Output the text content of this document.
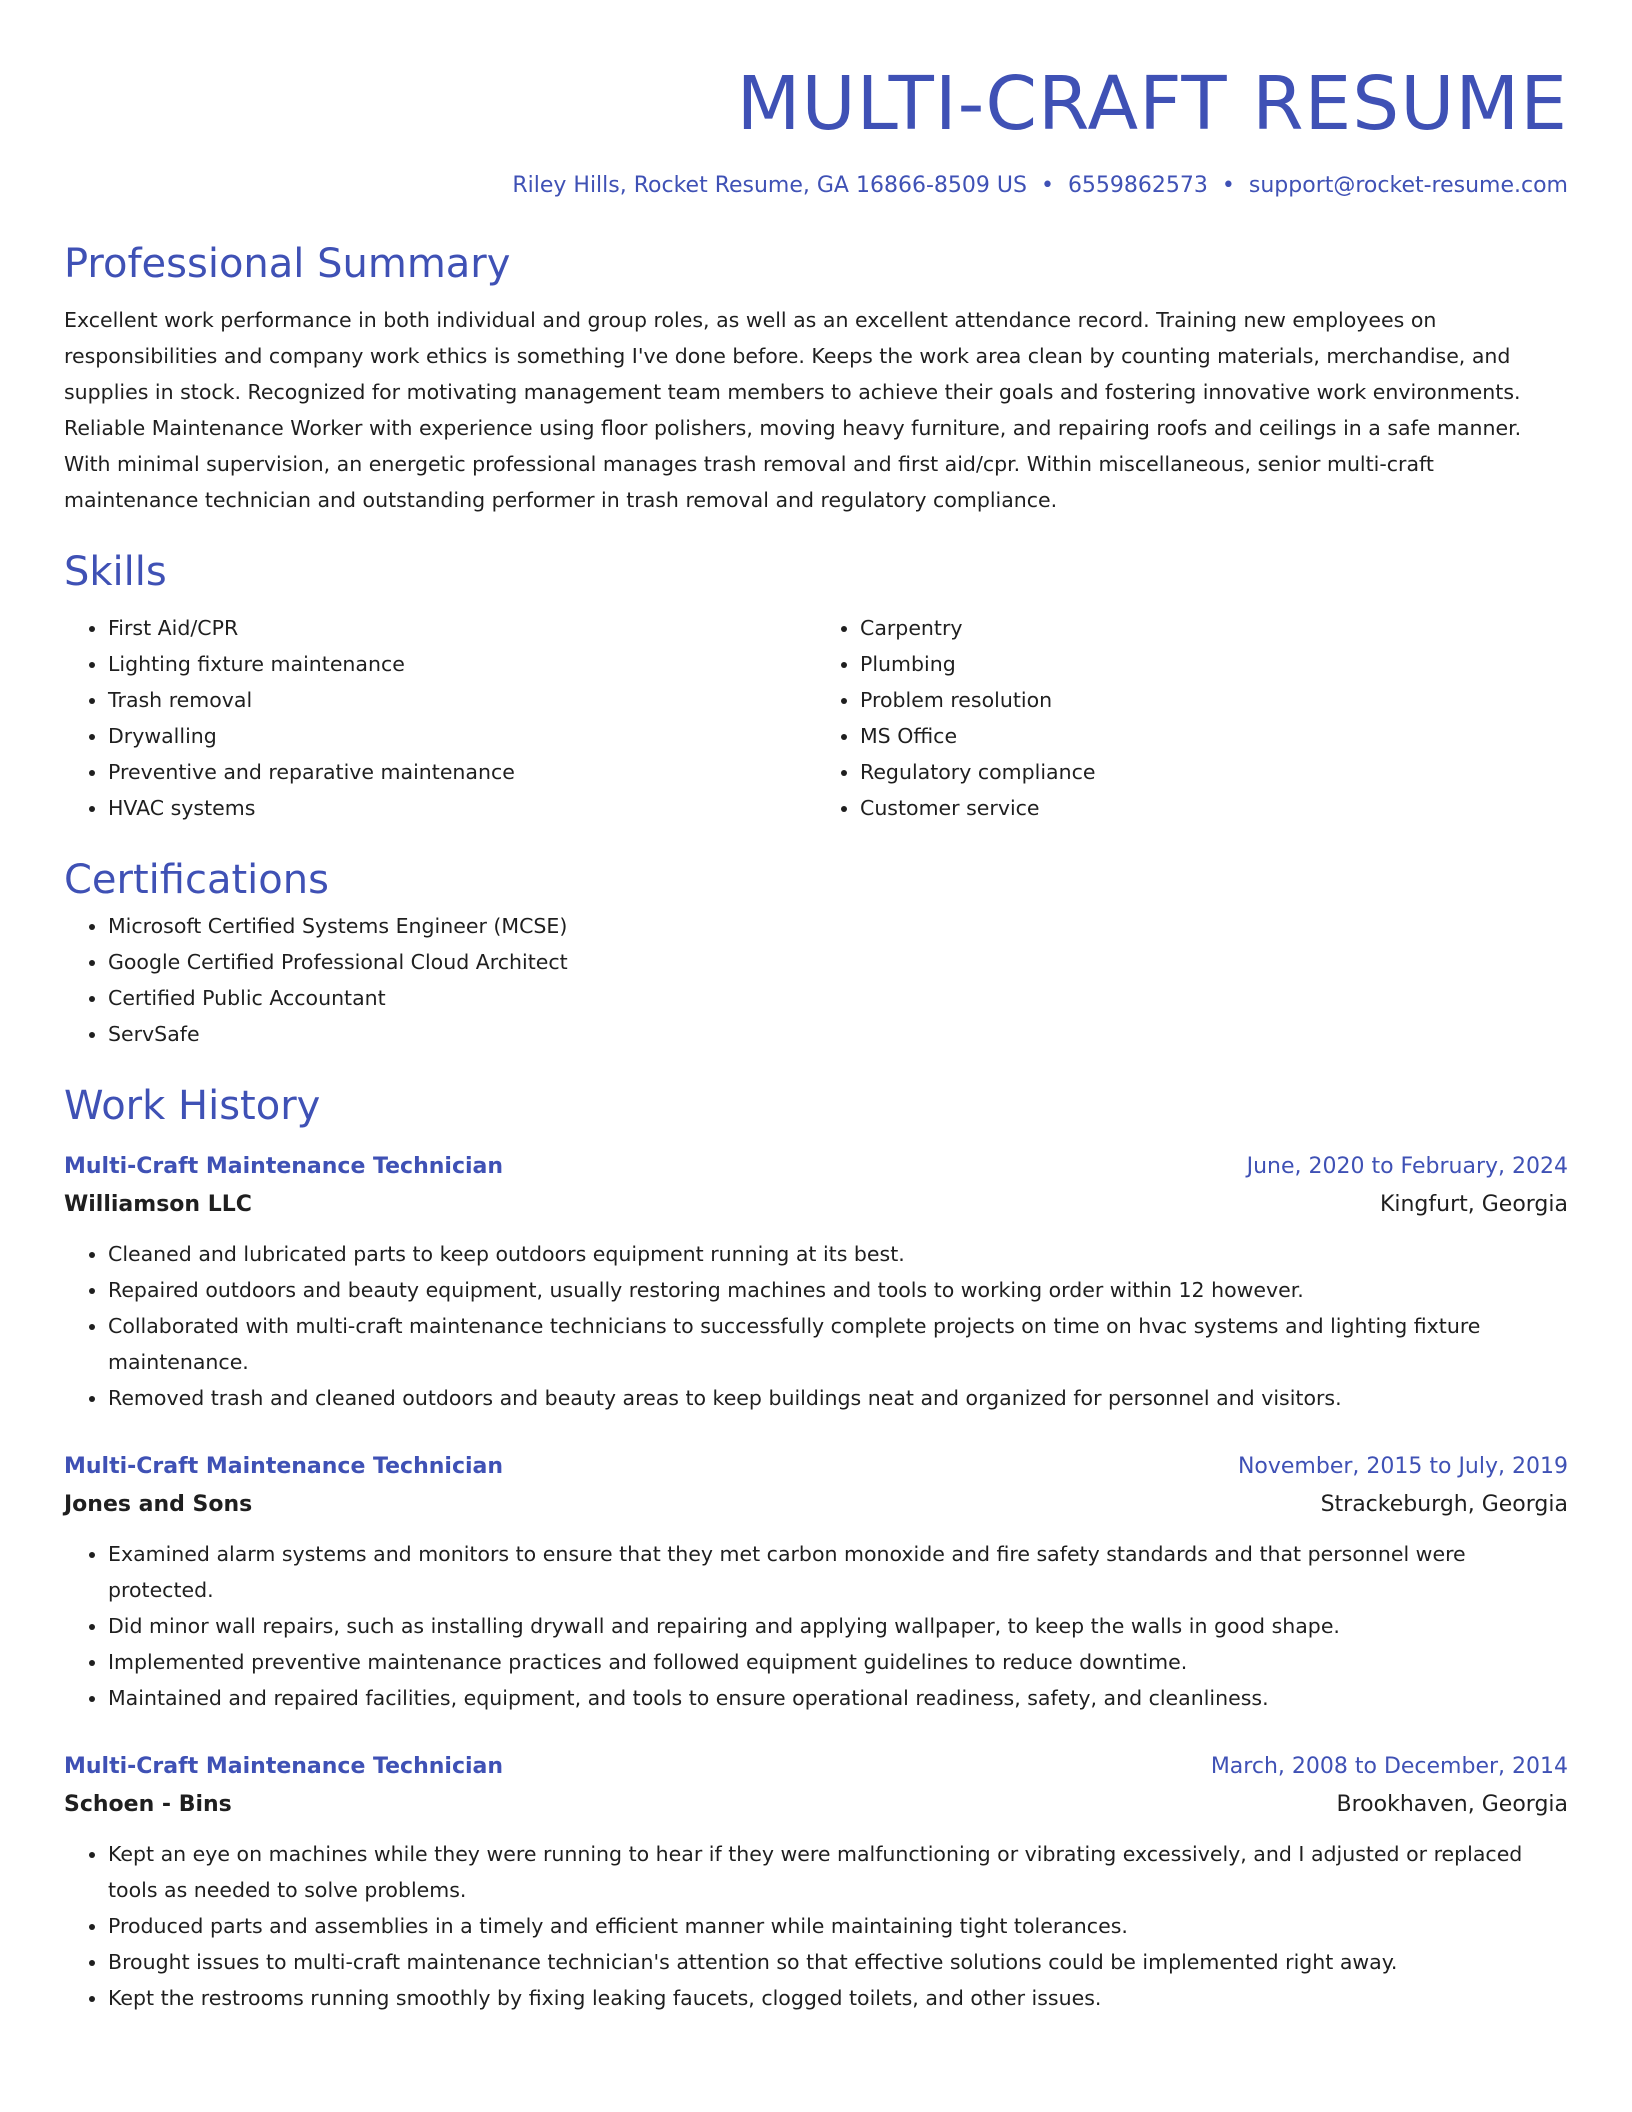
MULTI-CRAFT RESUME
Riley Hills, Rocket Resume, GA 16866-8509 US • 6559862573 • support@rocket-resume.com
Professional Summary
Excellent work performance in both individual and group roles, as well as an excellent attendance record. Training new employees on responsibilities and company work ethics is something I've done before. Keeps the work area clean by counting materials, merchandise, and supplies in stock. Recognized for motivating management team members to achieve their goals and fostering innovative work environments. Reliable Maintenance Worker with experience using floor polishers, moving heavy furniture, and repairing roofs and ceilings in a safe manner. With minimal supervision, an energetic professional manages trash removal and first aid/cpr. Within miscellaneous, senior multi-craft maintenance technician and outstanding performer in trash removal and regulatory compliance.
Skills
• First Aid/CPR
• Lighting fixture maintenance
• Trash removal
• Drywalling
• Preventive and reparative maintenance
• HVAC systems
• Carpentry
• Plumbing
• Problem resolution
• MS Office
• Regulatory compliance
• Customer service
Certifications
• Microsoft Certified Systems Engineer (MCSE)
• Google Certified Professional Cloud Architect
• Certified Public Accountant
• ServSafe
Work History
Multi-Craft Maintenance Technician	June, 2020 to February, 2024
Williamson LLC	Kingfurt, Georgia
• Cleaned and lubricated parts to keep outdoors equipment running at its best.
• Repaired outdoors and beauty equipment, usually restoring machines and tools to working order within 12 however.
• Collaborated with multi-craft maintenance technicians to successfully complete projects on time on hvac systems and lighting fixture maintenance.
• Removed trash and cleaned outdoors and beauty areas to keep buildings neat and organized for personnel and visitors.
Multi-Craft Maintenance Technician	November, 2015 to July, 2019
Jones and Sons	Strackeburgh, Georgia
• Examined alarm systems and monitors to ensure that they met carbon monoxide and fire safety standards and that personnel were protected.
• Did minor wall repairs, such as installing drywall and repairing and applying wallpaper, to keep the walls in good shape.
• Implemented preventive maintenance practices and followed equipment guidelines to reduce downtime.
• Maintained and repaired facilities, equipment, and tools to ensure operational readiness, safety, and cleanliness.
Multi-Craft Maintenance Technician	March, 2008 to December, 2014
Schoen - Bins	Brookhaven, Georgia
• Kept an eye on machines while they were running to hear if they were malfunctioning or vibrating excessively, and I adjusted or replaced tools as needed to solve problems.
• Produced parts and assemblies in a timely and efficient manner while maintaining tight tolerances.
• Brought issues to multi-craft maintenance technician's attention so that effective solutions could be implemented right away.
• Kept the restrooms running smoothly by fixing leaking faucets, clogged toilets, and other issues.
